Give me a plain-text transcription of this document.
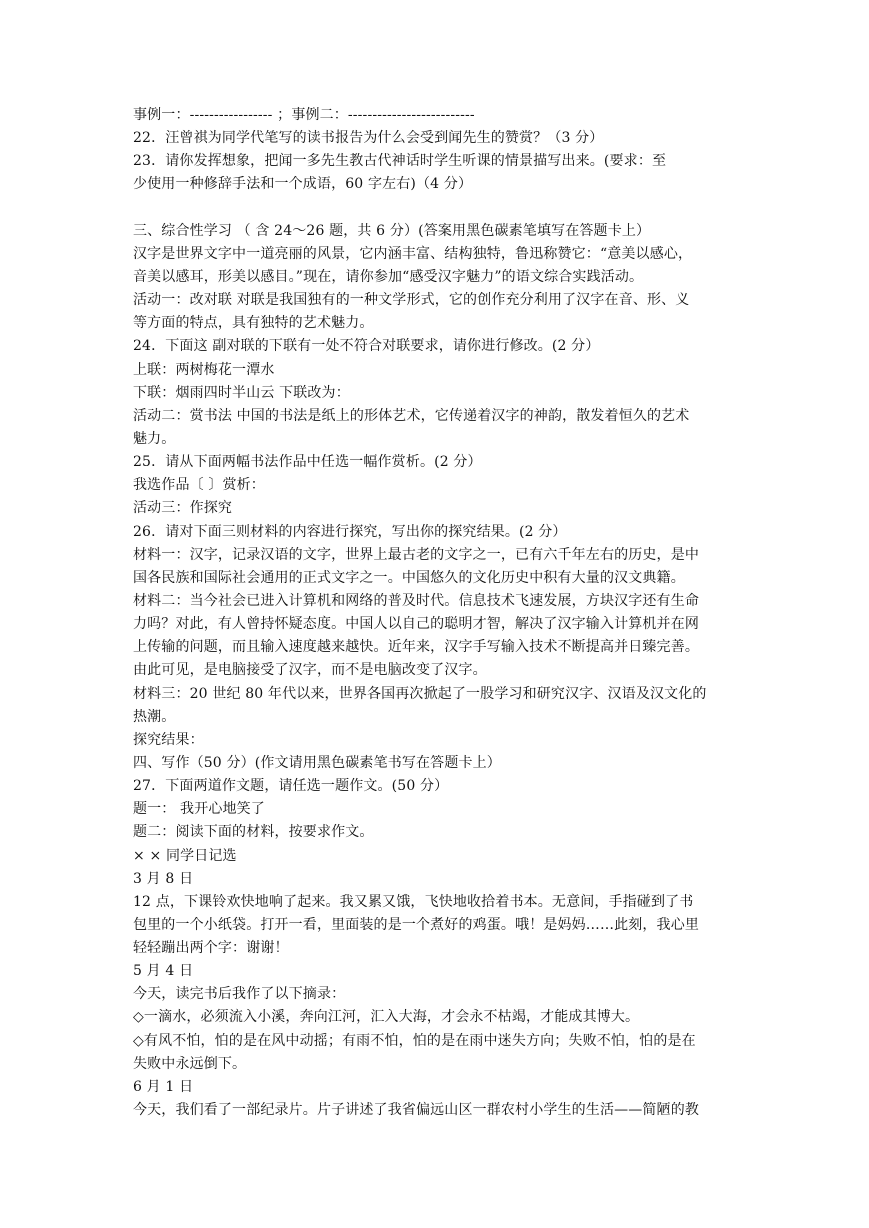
事例一：----------------- ；事例二：--------------------------
22．汪曾祺为同学代笔写的读书报告为什么会受到闻先生的赞赏？（3 分）
23．请你发挥想象，把闻一多先生教古代神话时学生听课的情景描写出来。(要求：至
少使用一种修辞手法和一个成语，60 字左右)（4 分）
三、综合性学习 （ 含 24～26 题，共 6 分）(答案用黑色碳素笔填写在答题卡上）
汉字是世界文字中一道亮丽的风景，它内涵丰富、结构独特，鲁迅称赞它：“意美以感心，
音美以感耳，形美以感目。”现在，请你参加“感受汉字魅力”的语文综合实践活动。
活动一：改对联 对联是我国独有的一种文学形式，它的创作充分利用了汉字在音、形、义
等方面的特点，具有独特的艺术魅力。
24．下面这 副对联的下联有一处不符合对联要求，请你进行修改。(2 分）
上联：两树梅花一潭水
下联：烟雨四时半山云 下联改为：
活动二：赏书法 中国的书法是纸上的形体艺术，它传递着汉字的神韵，散发着恒久的艺术
魅力。
25．请从下面两幅书法作品中任选一幅作赏析。(2 分）
我选作品〔 〕赏析：
活动三：作探究
26．请对下面三则材料的内容进行探究，写出你的探究结果。(2 分）
材料一：汉字，记录汉语的文字，世界上最古老的文字之一，已有六千年左右的历史，是中
国各民族和国际社会通用的正式文字之一。中国悠久的文化历史中积有大量的汉文典籍。
材料二：当今社会已进入计算机和网络的普及时代。信息技术飞速发展，方块汉字还有生命
力吗？对此，有人曾持怀疑态度。中国人以自己的聪明才智，解决了汉字输入计算机并在网
上传输的问题，而且输入速度越来越快。近年来，汉字手写输入技术不断提高并日臻完善。
由此可见，是电脑接受了汉字，而不是电脑改变了汉字。
材料三：20 世纪 80 年代以来，世界各国再次掀起了一股学习和研究汉字、汉语及汉文化的
热潮。
探究结果：
四、写作（50 分）(作文请用黑色碳素笔书写在答题卡上）
27．下面两道作文题，请任选一题作文。(50 分）
题一： 我开心地笑了
题二：阅读下面的材料，按要求作文。
× × 同学日记选
3 月 8 日
12 点，下课铃欢快地响了起来。我又累又饿，飞快地收拾着书本。无意间，手指碰到了书
包里的一个小纸袋。打开一看，里面装的是一个煮好的鸡蛋。哦！是妈妈……此刻，我心里
轻轻蹦出两个字：谢谢！
5 月 4 日
今天，读完书后我作了以下摘录：
◇一滴水，必须流入小溪，奔向江河，汇入大海，才会永不枯竭，才能成其博大。
◇有风不怕，怕的是在风中动摇；有雨不怕，怕的是在雨中迷失方向；失败不怕，怕的是在
失败中永远倒下。
6 月 1 日
今天，我们看了一部纪录片。片子讲述了我省偏远山区一群农村小学生的生活——简陋的教
